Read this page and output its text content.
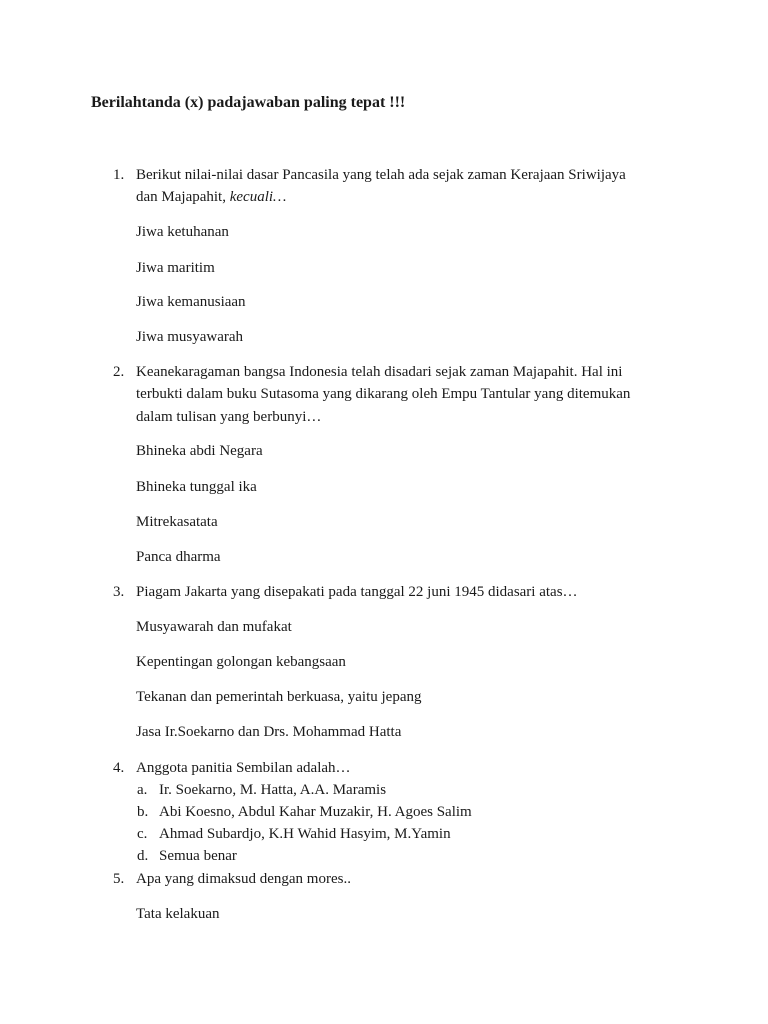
Berilahtanda (x) padajawaban paling tepat !!!
1. Berikut nilai-nilai dasar Pancasila yang telah ada sejak zaman Kerajaan Sriwijaya
dan Majapahit, kecuali…
Jiwa ketuhanan
Jiwa maritim
Jiwa kemanusiaan
Jiwa musyawarah
2. Keanekaragaman bangsa Indonesia telah disadari sejak zaman Majapahit. Hal ini
terbukti dalam buku Sutasoma yang dikarang oleh Empu Tantular yang ditemukan
dalam tulisan yang berbunyi…
Bhineka abdi Negara
Bhineka tunggal ika
Mitrekasatata
Panca dharma
3. Piagam Jakarta yang disepakati pada tanggal 22 juni 1945 didasari atas…
Musyawarah dan mufakat
Kepentingan golongan kebangsaan
Tekanan dan pemerintah berkuasa, yaitu jepang
Jasa Ir.Soekarno dan Drs. Mohammad Hatta
4. Anggota panitia Sembilan adalah…
a. Ir. Soekarno, M. Hatta, A.A. Maramis
b. Abi Koesno, Abdul Kahar Muzakir, H. Agoes Salim
c. Ahmad Subardjo, K.H Wahid Hasyim, M.Yamin
d. Semua benar
5. Apa yang dimaksud dengan mores..
Tata kelakuan
